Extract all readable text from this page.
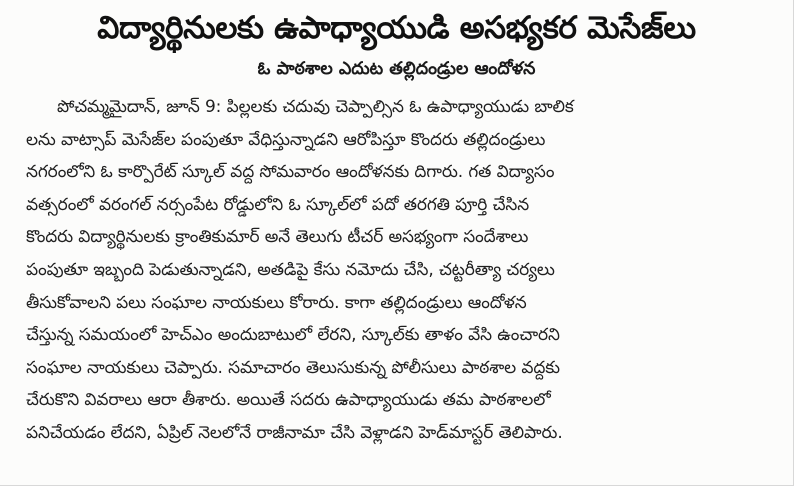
విద్యార్థినులకు ఉపాధ్యాయుడి అసభ్యకర మెసేజ్‌లు
ఓ పాఠశాల ఎదుట తల్లిదండ్రుల ఆందోళన
పోచమ్మమైదాన్, జూన్ 9: పిల్లలకు చదువు చెప్పాల్సిన ఓ ఉపాధ్యాయుడు బాలిక
లను వాట్సాప్ మెసేజ్‌ల పంపుతూ వేధిస్తున్నాడని ఆరోపిస్తూ కొందరు తల్లిదండ్రులు
నగరంలోని ఓ కార్పొరేట్ స్కూల్ వద్ద సోమవారం ఆందోళనకు దిగారు. గత విద్యాసం
వత్సరంలో వరంగల్ నర్సంపేట రోడ్డులోని ఓ స్కూల్‌లో పదో తరగతి పూర్తి చేసిన
కొందరు విద్యార్థినులకు క్రాంతికుమార్ అనే తెలుగు టీచర్ అసభ్యంగా సందేశాలు
పంపుతూ ఇబ్బంది పెడుతున్నాడని, అతడిపై కేసు నమోదు చేసి, చట్టరీత్యా చర్యలు
తీసుకోవాలని పలు సంఘాల నాయకులు కోరారు. కాగా తల్లిదండ్రులు ఆందోళన
చేస్తున్న సమయంలో హెచ్ఎం అందుబాటులో లేరని, స్కూల్‌కు తాళం వేసి ఉంచారని
సంఘాల నాయకులు చెప్పారు. సమాచారం తెలుసుకున్న పోలీసులు పాఠశాల వద్దకు
చేరుకొని వివరాలు ఆరా తీశారు. అయితే సదరు ఉపాధ్యాయుడు తమ పాఠశాలలో
పనిచేయడం లేదని, ఏప్రిల్ నెలలోనే రాజీనామా చేసి వెళ్లాడని హెడ్‌మాస్టర్ తెలిపారు.
